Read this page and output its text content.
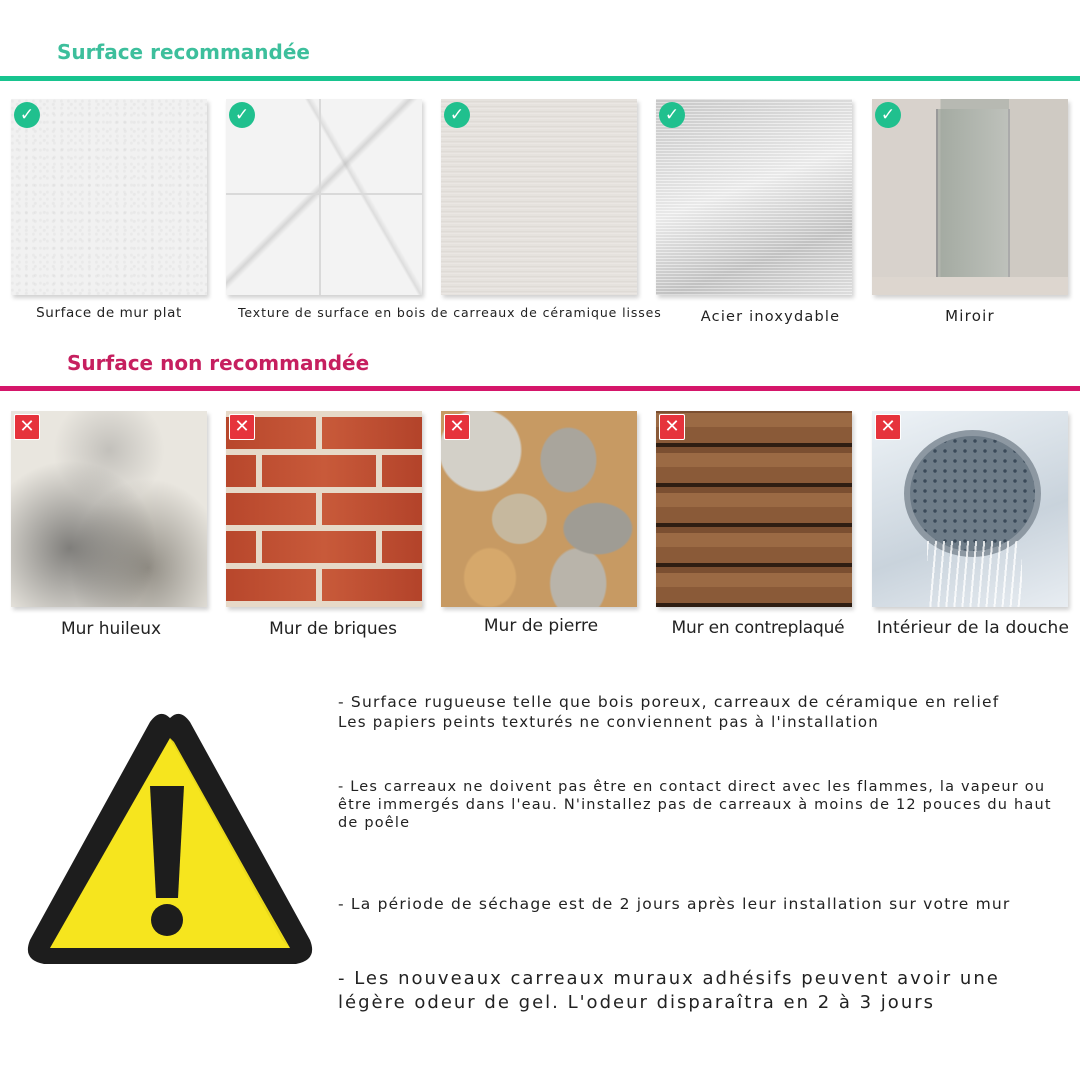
Surface recommandée
✓	✓	✓	✓	✓
Surface de mur plat	Texture de surface en bois de carreaux de céramique lisses	Acier inoxydable	Miroir
Surface non recommandée
✕	✕	✕	✕	✕
Mur huileux	Mur de briques	Mur de pierre	Mur en contreplaqué	Intérieur de la douche

- Surface rugueuse telle que bois poreux, carreaux de céramique en relief

Les papiers peints texturés ne conviennent pas à l'installation

- Les carreaux ne doivent pas être en contact direct avec les flammes, la vapeur ou être immergés dans l'eau. N'installez pas de carreaux à moins de 12 pouces du haut de poêle

- La période de séchage est de 2 jours après leur installation sur votre mur

- Les nouveaux carreaux muraux adhésifs peuvent avoir une

légère odeur de gel. L'odeur disparaîtra en 2 à 3 jours
